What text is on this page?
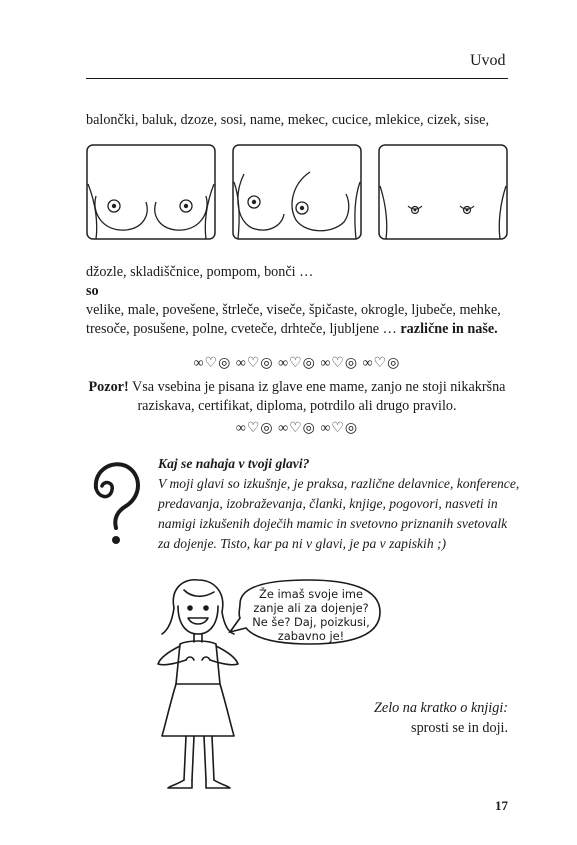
Uvod
balončki, baluk, dzoze, sosi, name, mekec, cucice, mlekice, cizek, sise,
džozle, skladiščnice, pompom, bonči …
so
velike, male, povešene, štrleče, viseče, špičaste, okrogle, ljubeče, mehke,
tresoče, posušene, polne, cveteče, drhteče, ljubljene … različne in naše.
∞♡◎ ∞♡◎ ∞♡◎ ∞♡◎ ∞♡◎
Pozor! Vsa vsebina je pisana iz glave ene mame, zanjo ne stoji nikakršna
raziskava, certifikat, diploma, potrdilo ali drugo pravilo.
∞♡◎ ∞♡◎ ∞♡◎
Kaj se nahaja v tvoji glavi?
V moji glavi so izkušnje, je praksa, različne delavnice, konference,
predavanja, izobraževanja, članki, knjige, pogovori, nasveti in
namigi izkušenih doječih mamic in svetovno priznanih svetovalk
za dojenje. Tisto, kar pa ni v glavi, je pa v zapiskih ;)
Že imaš svoje ime
zanje ali za dojenje?
Ne še? Daj, poizkusi,
zabavno je!
Zelo na kratko o knjigi:
sprosti se in doji.
17
